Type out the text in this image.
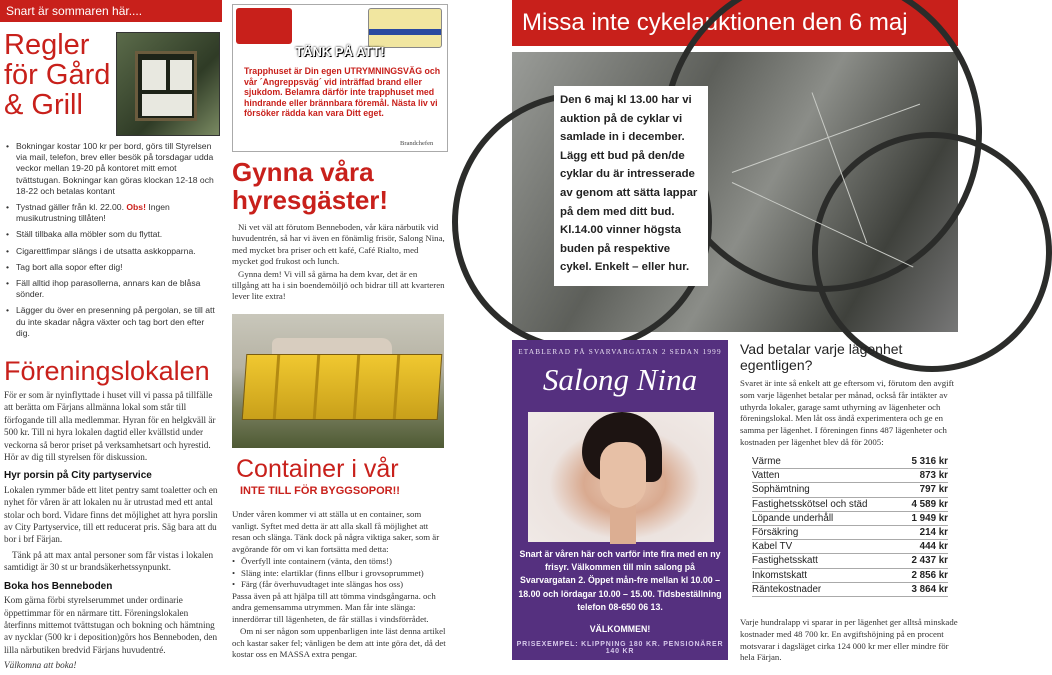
Snart är sommaren här....
Regler
för Gård
& Grill
• Bokningar kostar 100 kr per bord, görs till Styrelsen via mail, telefon, brev eller besök på torsdagar udda veckor mellan 19-20 på kontoret mitt emot tvättstugan. Bokningar kan göras klockan 12-18 och 18-22 och betalas kontant
• Tystnad gäller från kl. 22.00. Obs! Ingen musikutrustning tillåten!
• Ställ tillbaka alla möbler som du flyttat.
• Cigarettfimpar slängs i de utsatta askkopparna.
• Tag bort alla sopor efter dig!
• Fäll alltid ihop parasollerna, annars kan de blåsa sönder.
• Lägger du över en presenning på pergolan, se till att du inte skadar några växter och tag bort den efter dig.
Föreningslokalen

För er som är nyinflyttade i huset vill vi passa på tillfälle att berätta om Färjans allmänna lokal som står till förfogande till alla medlemmar. Hyran för en helgkväll är 500 kr. Till ni hyra lokalen dagtid eller kvällstid under veckorna så beror priset på verksamhetsart och hyrestid. Hör av dig till styrelsen för diskussion.

Hyr porsin på City partyservice

Lokalen rymmer både ett litet pentry samt toaletter och en nyhet för våren är att lokalen nu är utrustad med ett antal stolar och bord. Vidare finns det möjlighet att hyra porslin av City Partyservice, till ett reducerat pris. Säg bara att du bor i brf Färjan.

Tänk på att max antal personer som får vistas i lokalen samtidigt är 30 st ur brandsäkerhetssynpunkt.

Boka hos Benneboden

Kom gärna förbi styrelserummet under ordinarie öppettimmar för en närmare titt. Föreningslokalen återfinns mittemot tvättstugan och bokning och hämtning av nycklar (500 kr i deposition)görs hos Benneboden, den lilla närbutiken bredvid Färjans huvudentré.

Välkomna att boka!

TÄNK PÅ ATT!
Trapphuset är Din egen UTRYMNINGSVÄG och vår ´Angreppsväg´ vid inträffad brand eller sjukdom. Belamra därför inte trapphuset med hindrande eller brännbara föremål. Nästa liv vi försöker rädda kan vara Ditt eget.
Brandchefen
Gynna våra
hyresgäster!

Ni vet väl att förutom Benneboden, vår kära närbutik vid huvudentrén, så har vi även en fönämlig frisör, Salong Nina, med mycket bra priser och ett kafé, Café Rialto, med mycket god frukost och lunch.

Gynna dem! Vi vill så gärna ha dem kvar, det är en tillgång att ha i sin boendemöiljö och bidrar till att kvarteren lever lite extra!

Container i vår
INTE TILL FÖR BYGGSOPOR!!

Under våren kommer vi att ställa ut en container, som vanligt. Syftet med detta är att alla skall få möjlighet att resan och slänga. Tänk dock på några viktiga saker, som är avgörande för om vi kan fortsätta med detta:

• Överfyll inte containern (vänta, den töms!)
• Släng inte: elartiklar (finns ellbur i grovsoprummet)
• Färg (får överhuvudtaget inte slängas hos oss)

Passa även på att hjälpa till att tömma vindsgångarna. och andra gemensamma utrymmen. Man får inte slänga: innerdörrar till lägenheten, de får ställas i vindsförrådet.

Om ni ser någon som uppenbarligen inte läst denna artikel och kastar saker fel; vänligen be dem att inte göra det, då det kostar oss en MASSA extra pengar.

Missa inte cykelauktionen den 6 maj
Den 6 maj kl 13.00 har vi auktion på de cyklar vi samlade in i december. Lägg ett bud på den/de cyklar du är intresserade av genom att sätta lappar på dem med ditt bud. Kl.14.00 vinner högsta buden på respektive cykel. Enkelt – eller hur.
ETABLERAD PÅ SVARVARGATAN 2 SEDAN 1999
Salong Nina
Snart är våren här och varför inte fira med en ny frisyr. Välkommen till min salong på Svarvargatan 2. Öppet mån-fre mellan kl 10.00 – 18.00 och lördagar 10.00 – 15.00. Tidsbeställning telefon 08-650 06 13.
VÄLKOMMEN!
PRISEXEMPEL: KLIPPNING 180 KR. PENSIONÄRER 140 KR
Vad betalar varje lägenhet egentligen?
Svaret är inte så enkelt att ge eftersom vi, förutom den avgift som varje lägenhet betalar per månad, också får intäkter av uthyrda lokaler, garage samt uthyrning av lägenheter och föreningslokal. Men låt oss ändå experimentera och ge en samma per lägenhet. I föreningen finns 487 lägenheter och kostnaden per lägenhet blev då för 2005:
Värme	5 316 kr
Vatten	873 kr
Sophämtning	797 kr
Fastighetsskötsel och städ	4 589 kr
Löpande underhåll	1 949 kr
Försäkring	214 kr
Kabel TV	444 kr
Fastighetsskatt	2 437 kr
Inkomstskatt	2 856 kr
Räntekostnader	3 864 kr
Varje hundralapp vi sparar in per lägenhet ger alltså minskade kostnader med 48 700 kr. En avgiftshöjning på en procent motsvarar i dagsläget cirka 124 000 kr mer eller mindre för hela Färjan.
